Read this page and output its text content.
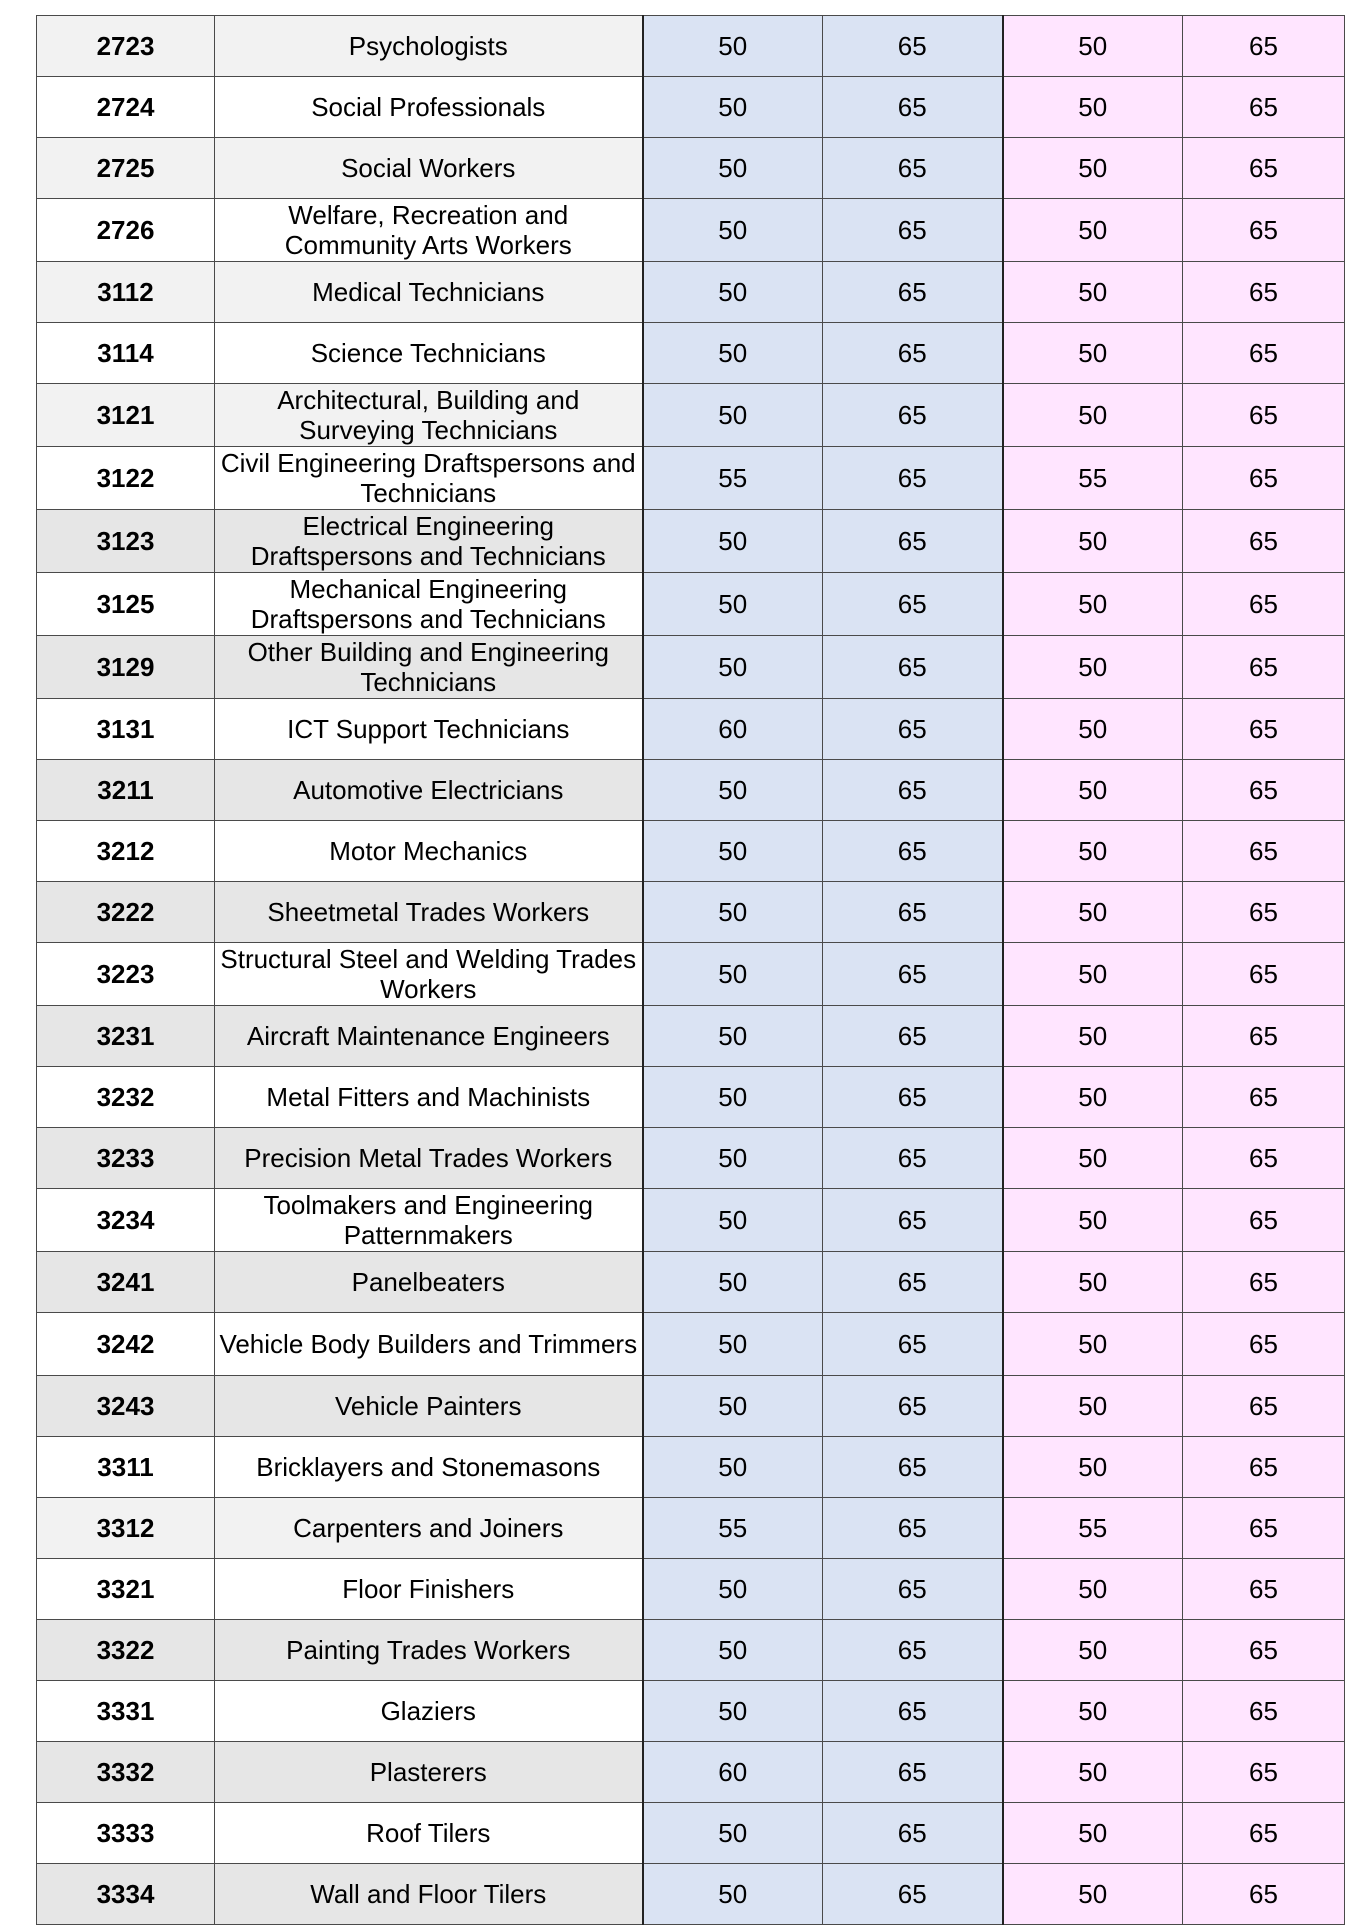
2723	Psychologists	50	65	50	65
2724	Social Professionals	50	65	50	65
2725	Social Workers	50	65	50	65
2726	Welfare, Recreation and Community Arts Workers	50	65	50	65
3112	Medical Technicians	50	65	50	65
3114	Science Technicians	50	65	50	65
3121	Architectural, Building and Surveying Technicians	50	65	50	65
3122	Civil Engineering Draftspersons and Technicians	55	65	55	65
3123	Electrical Engineering Draftspersons and Technicians	50	65	50	65
3125	Mechanical Engineering Draftspersons and Technicians	50	65	50	65
3129	Other Building and Engineering Technicians	50	65	50	65
3131	ICT Support Technicians	60	65	50	65
3211	Automotive Electricians	50	65	50	65
3212	Motor Mechanics	50	65	50	65
3222	Sheetmetal Trades Workers	50	65	50	65
3223	Structural Steel and Welding Trades Workers	50	65	50	65
3231	Aircraft Maintenance Engineers	50	65	50	65
3232	Metal Fitters and Machinists	50	65	50	65
3233	Precision Metal Trades Workers	50	65	50	65
3234	Toolmakers and Engineering Patternmakers	50	65	50	65
3241	Panelbeaters	50	65	50	65
3242	Vehicle Body Builders and Trimmers	50	65	50	65
3243	Vehicle Painters	50	65	50	65
3311	Bricklayers and Stonemasons	50	65	50	65
3312	Carpenters and Joiners	55	65	55	65
3321	Floor Finishers	50	65	50	65
3322	Painting Trades Workers	50	65	50	65
3331	Glaziers	50	65	50	65
3332	Plasterers	60	65	50	65
3333	Roof Tilers	50	65	50	65
3334	Wall and Floor Tilers	50	65	50	65
